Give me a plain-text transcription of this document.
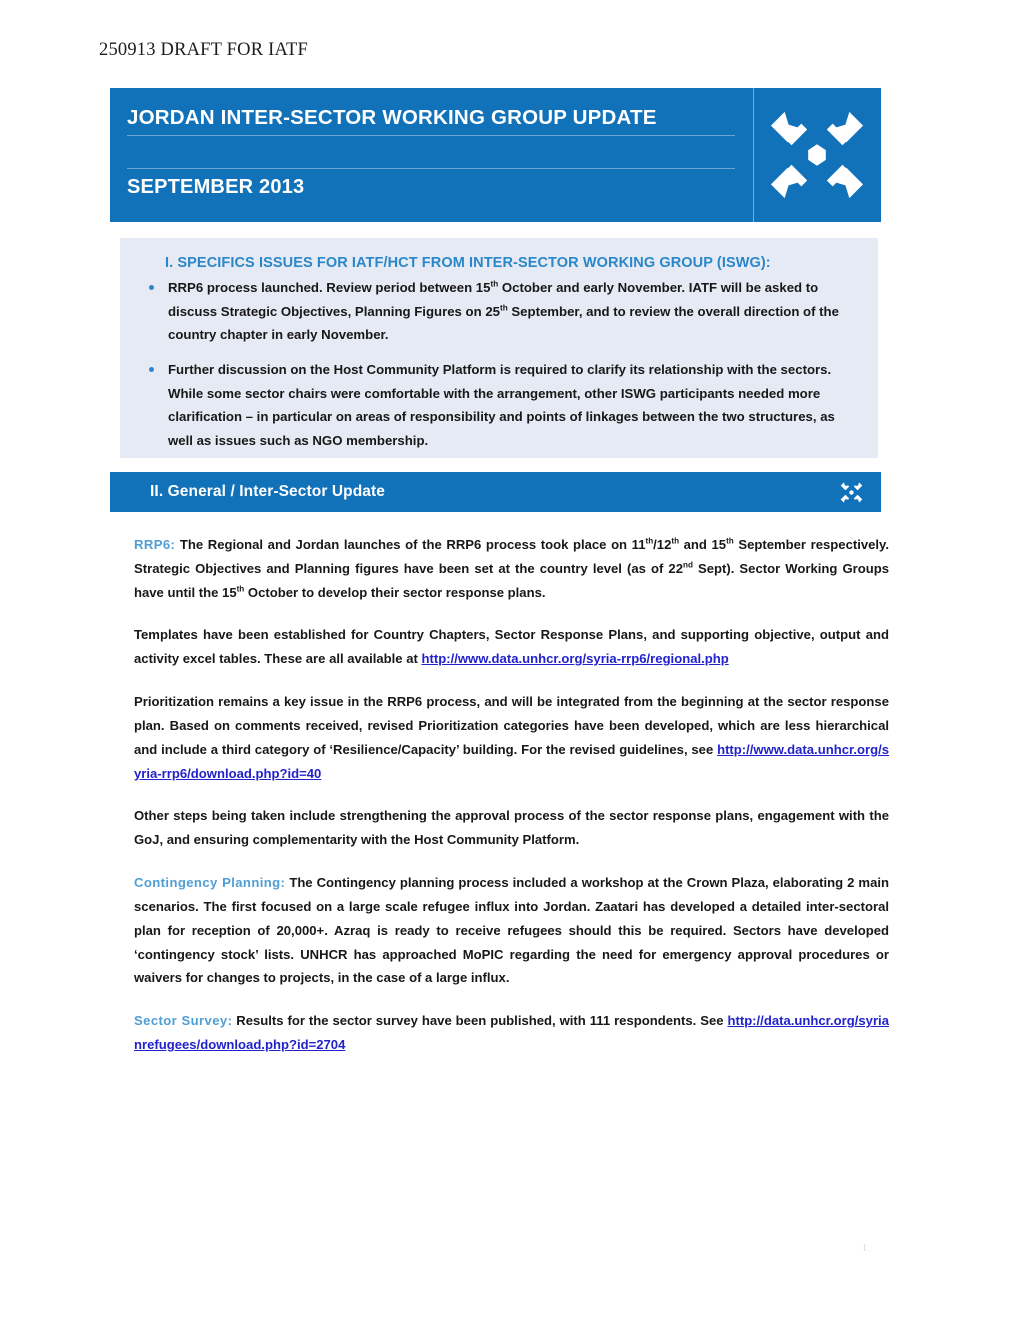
250913 DRAFT FOR IATF
JORDAN INTER-SECTOR WORKING GROUP UPDATE
SEPTEMBER 2013
I. SPECIFICS ISSUES FOR IATF/HCT FROM INTER-SECTOR WORKING GROUP (ISWG):
RRP6 process launched. Review period between 15th October and early November. IATF will be asked to discuss Strategic Objectives, Planning Figures on 25th September, and to review the overall direction of the country chapter in early November.
Further discussion on the Host Community Platform is required to clarify its relationship with the sectors. While some sector chairs were comfortable with the arrangement, other ISWG participants needed more clarification – in particular on areas of responsibility and points of linkages between the two structures, as well as issues such as NGO membership.
II. General / Inter-Sector Update

RRP6: The Regional and Jordan launches of the RRP6 process took place on 11th/12th and 15th September respectively. Strategic Objectives and Planning figures have been set at the country level (as of 22nd Sept). Sector Working Groups have until the 15th October to develop their sector response plans.

Templates have been established for Country Chapters, Sector Response Plans, and supporting objective, output and activity excel tables. These are all available at http://www.data.unhcr.org/syria-rrp6/regional.php

Prioritization remains a key issue in the RRP6 process, and will be integrated from the beginning at the sector response plan. Based on comments received, revised Prioritization categories have been developed, which are less hierarchical and include a third category of ‘Resilience/Capacity’ building. For the revised guidelines, see http://www.data.unhcr.org/syria-rrp6/download.php?id=40

Other steps being taken include strengthening the approval process of the sector response plans, engagement with the GoJ, and ensuring complementarity with the Host Community Platform.

Contingency Planning: The Contingency planning process included a workshop at the Crown Plaza, elaborating 2 main scenarios. The first focused on a large scale refugee influx into Jordan. Zaatari has developed a detailed inter-sectoral plan for reception of 20,000+. Azraq is ready to receive refugees should this be required. Sectors have developed ‘contingency stock’ lists. UNHCR has approached MoPIC regarding the need for emergency approval procedures or waivers for changes to projects, in the case of a large influx.

Sector Survey: Results for the sector survey have been published, with 111 respondents. See http://data.unhcr.org/syrianrefugees/download.php?id=2704

1
